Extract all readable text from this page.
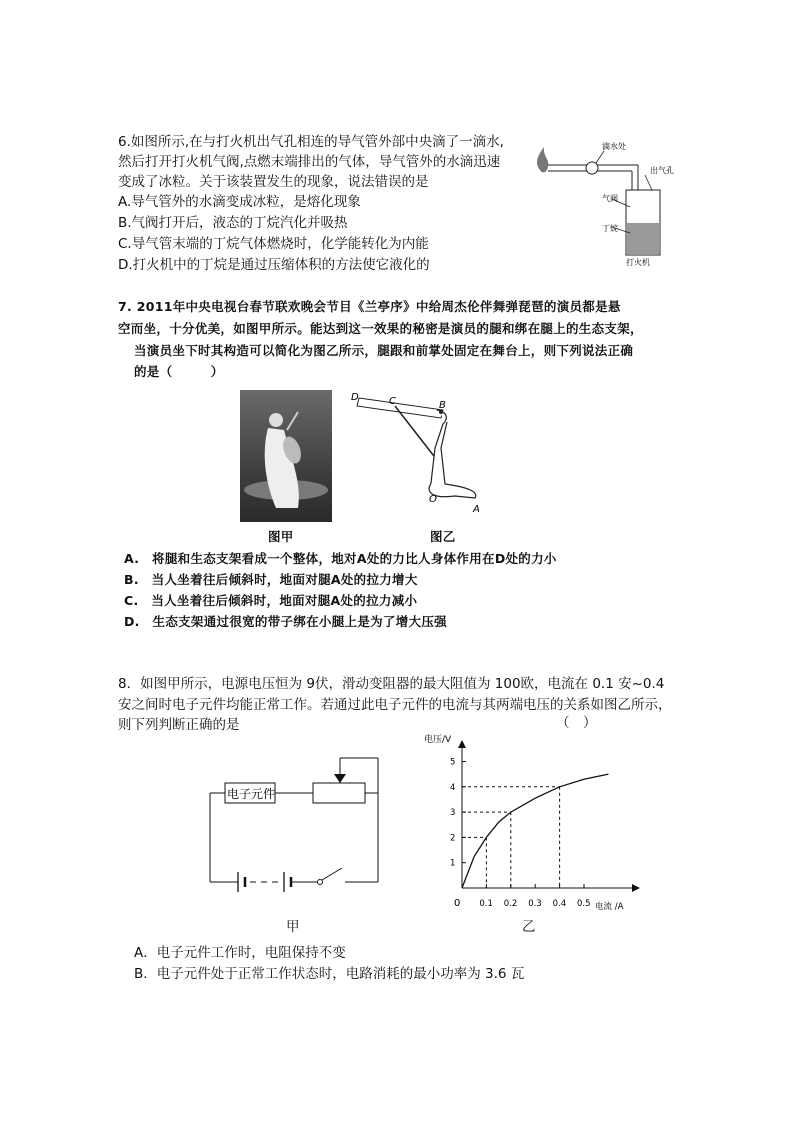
6.如图所示,在与打火机出气孔相连的导气管外部中央滴了一滴水,
然后打开打火机气阀,点燃末端排出的气体，导气管外的水滴迅速
变成了冰粒。关于该装置发生的现象，说法错误的是
A.导气管外的水滴变成冰粒，是熔化现象
B.气阀打开后，液态的丁烷汽化并吸热
C.导气管末端的丁烷气体燃烧时，化学能转化为内能
D.打火机中的丁烷是通过压缩体积的方法使它液化的
滴水处
出气孔
气阀
丁烷
打火机
7. 2011年中央电视台春节联欢晚会节目《兰亭序》中给周杰伦伴舞弹琵琶的演员都是悬
空而坐，十分优美，如图甲所示。能达到这一效果的秘密是演员的腿和绑在腿上的生态支架，
当演员坐下时其构造可以简化为图乙所示，腿跟和前掌处固定在舞台上，则下列说法正确
的是（　　　）
图甲
D	C	B
O
A
图乙
A.　将腿和生态支架看成一个整体，地对A处的力比人身体作用在D处的力小
B.　当人坐着往后倾斜时，地面对腿A处的拉力增大
C.　当人坐着往后倾斜时，地面对腿A处的拉力减小
D.　生态支架通过很宽的带子绑在小腿上是为了增大压强
8．如图甲所示，电源电压恒为 9伏，滑动变阻器的最大阻值为 100欧，电流在 0.1 安~0.4
安之间时电子元件均能正常工作。若通过此电子元件的电流与其两端电压的关系如图乙所示，
则下列判断正确的是	（　）
电子元件
甲
电压/V
电流 /A
0 0.1 0.2 0.3 0.4 0.5
1
2
3
4
5
乙
A．电子元件工作时，电阻保持不变
B．电子元件处于正常工作状态时，电路消耗的最小功率为 3.6 瓦
